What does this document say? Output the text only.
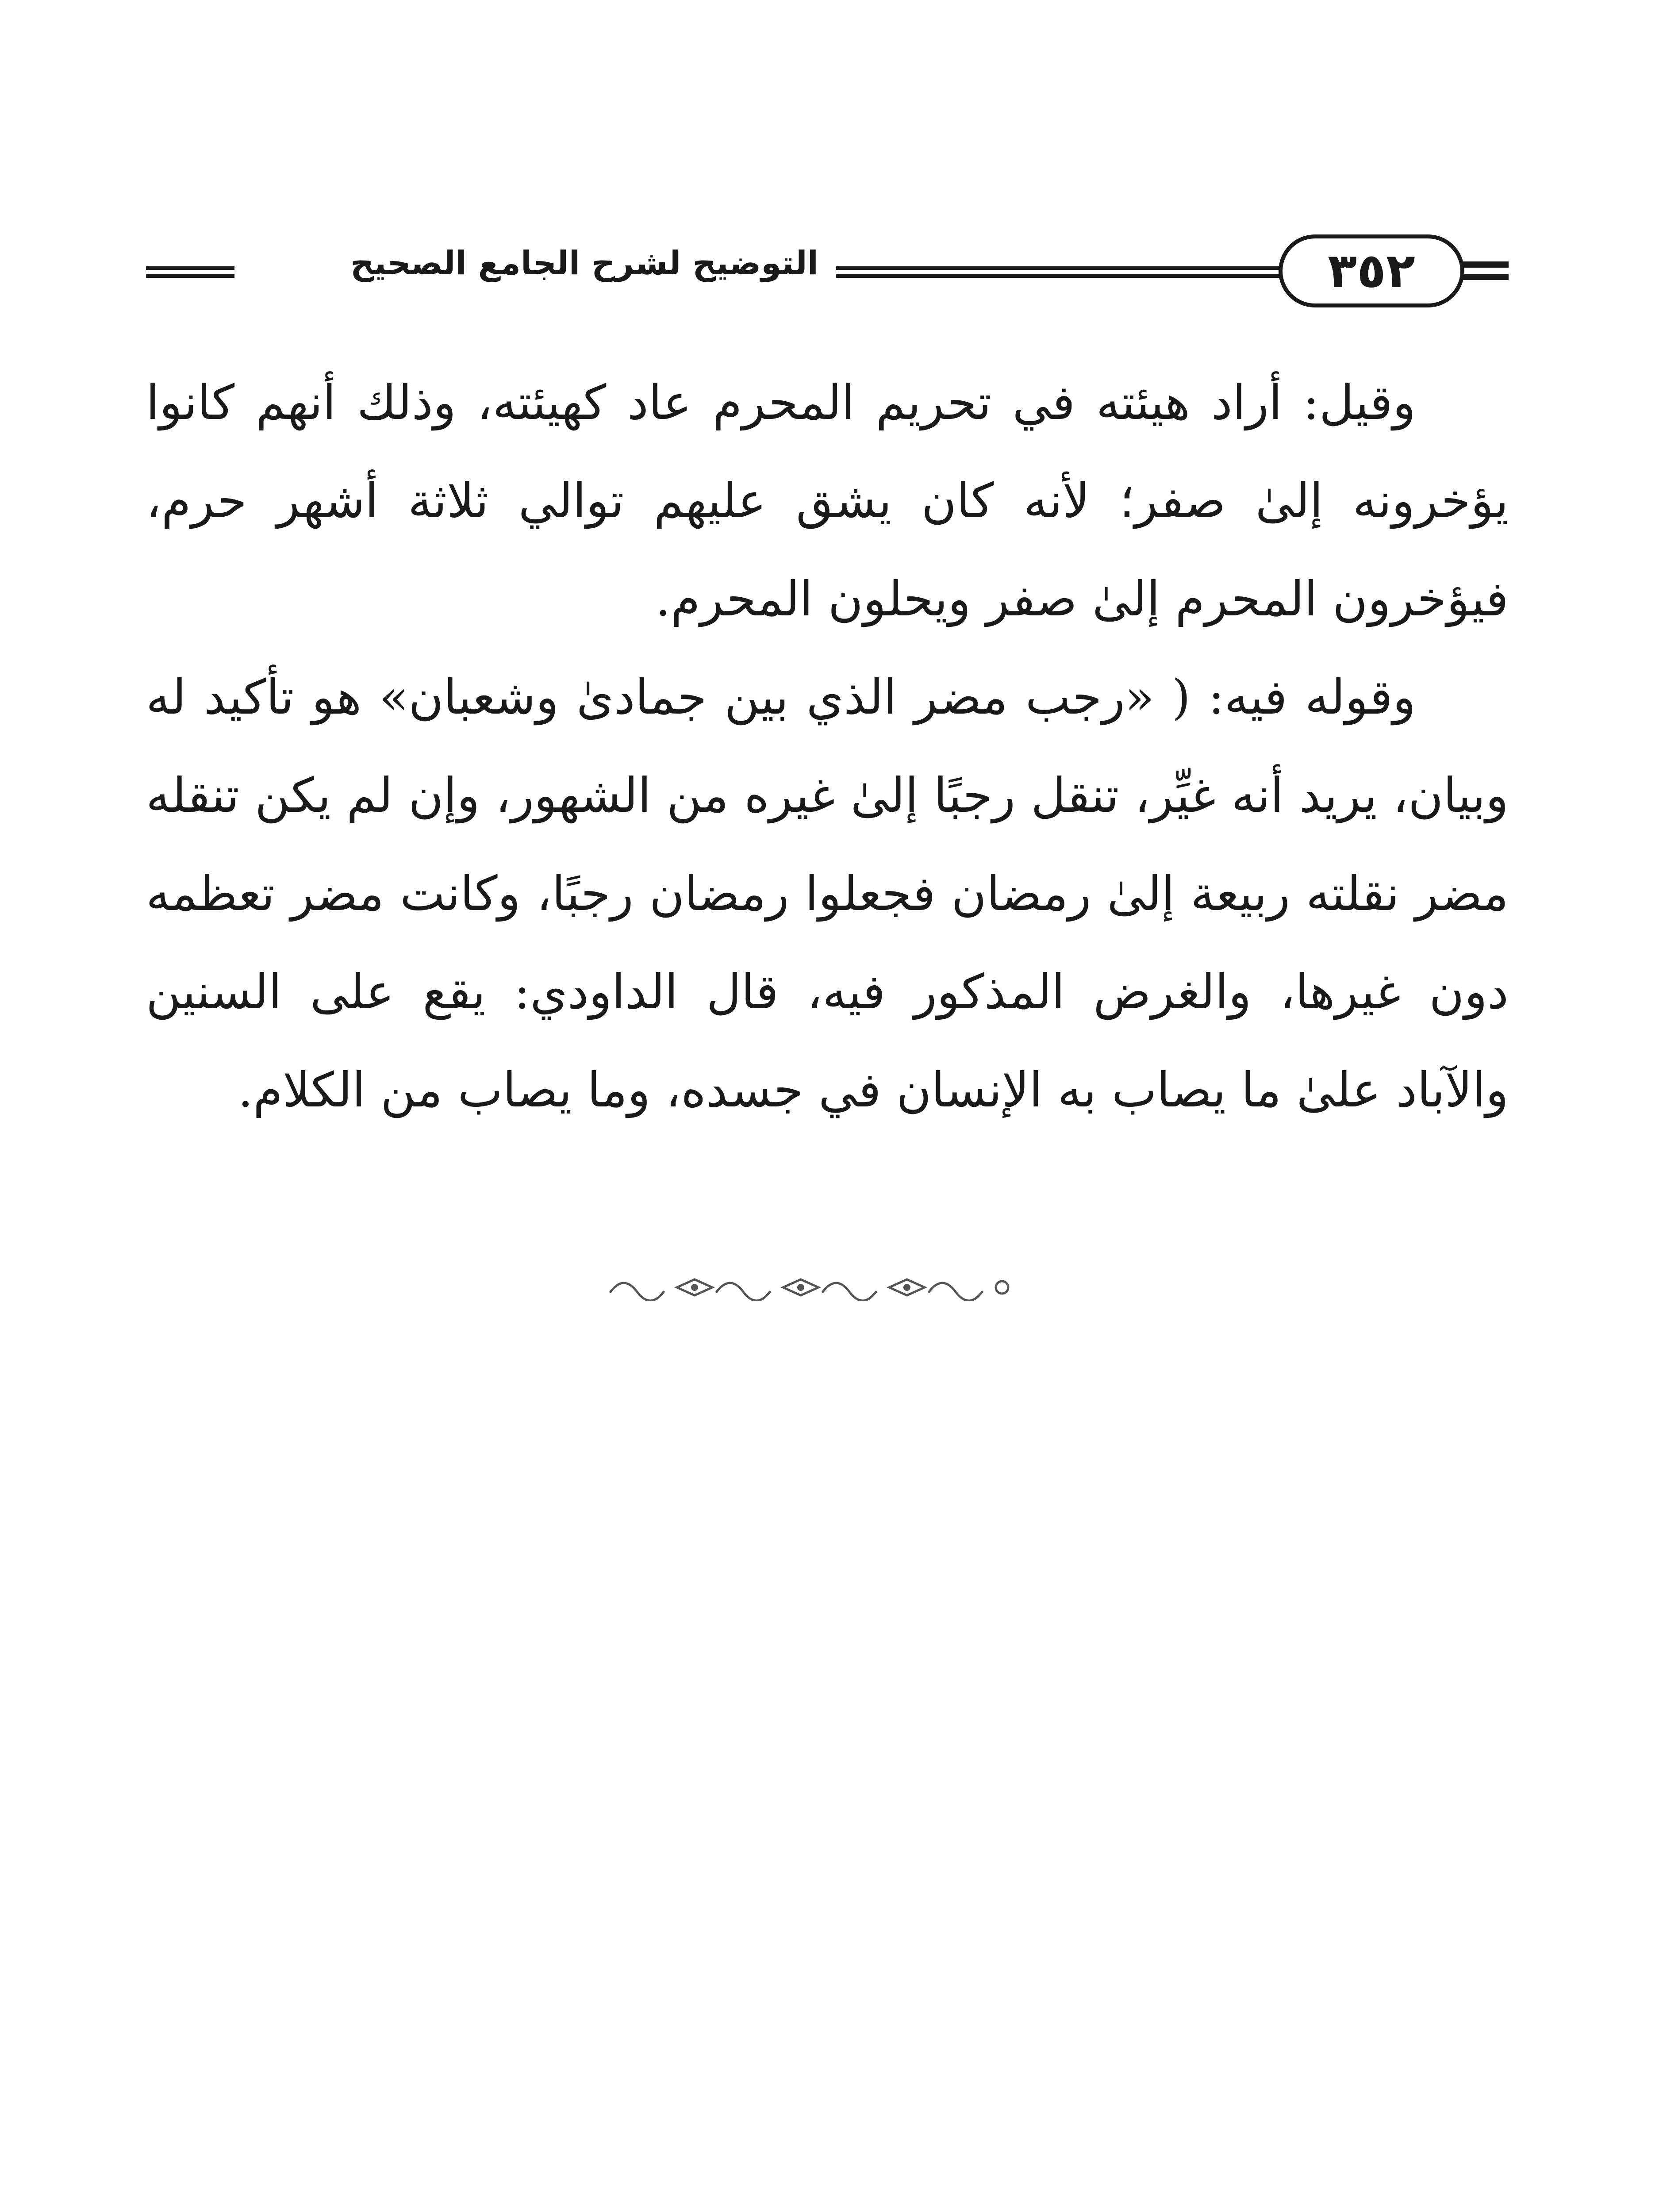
التوضيح لشرح الجامع الصحيح	٣٥٢

وقيل: أراد هيئته في تحريم المحرم عاد كهيئته، وذلك أنهم كانوا يؤخرونه إلىٰ صفر؛ لأنه كان يشق عليهم توالي ثلاثة أشهر حرم، فيؤخرون المحرم إلىٰ صفر ويحلون المحرم.

وقوله فيه: ( «رجب مضر الذي بين جمادىٰ وشعبان» هو تأكيد له وبيان، يريد أنه غيِّر، تنقل رجبًا إلىٰ غيره من الشهور، وإن لم يكن تنقله مضر نقلته ربيعة إلىٰ رمضان فجعلوا رمضان رجبًا، وكانت مضر تعظمه دون غيرها، والغرض المذكور فيه، قال الداودي: يقع على السنين والآباد علىٰ ما يصاب به الإنسان في جسده، وما يصاب من الكلام.
